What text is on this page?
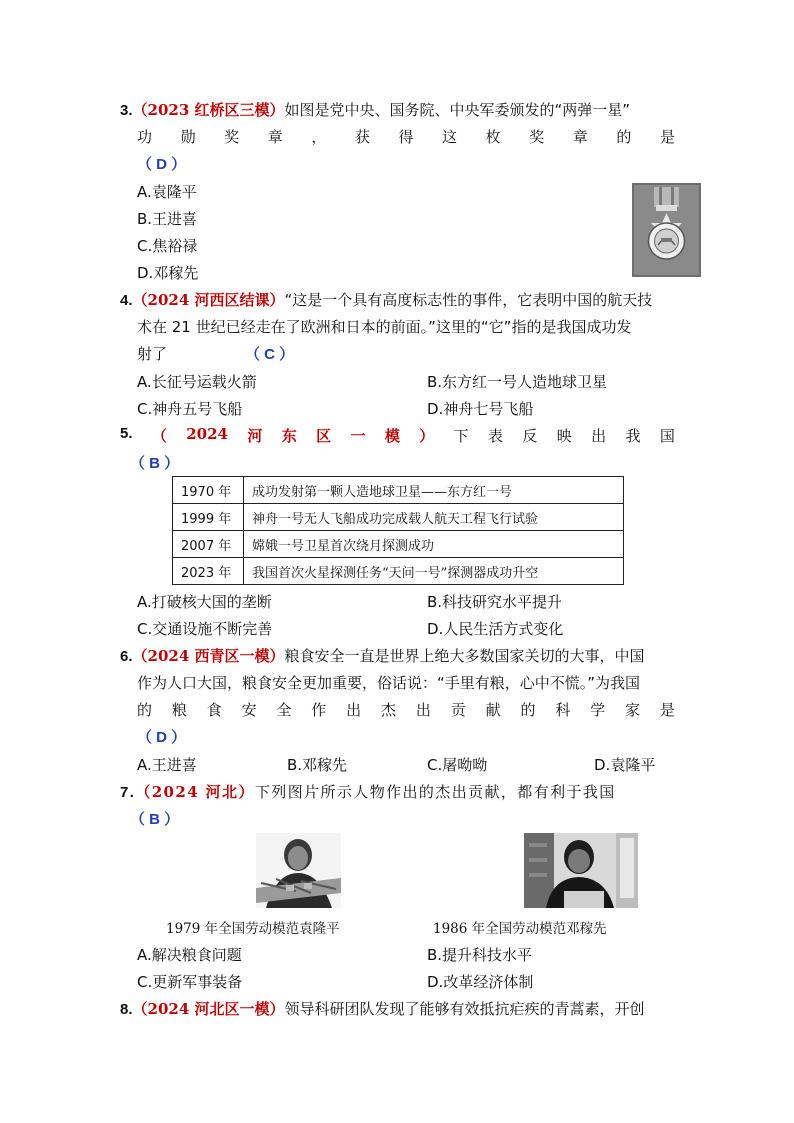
3.（2023 红桥区三模）如图是党中央、国务院、中央军委颁发的“两弹一星”
功 勋 奖 章 ， 获 得 这 枚 奖 章 的 是
（ D ）
A.袁隆平
B.王进喜
C.焦裕禄
D.邓稼先
4.（2024 河西区结课）“这是一个具有高度标志性的事件，它表明中国的航天技
术在 21 世纪已经走在了欧洲和日本的前面。”这里的“它”指的是我国成功发
射了	（ C ）
A.长征号运载火箭	B.东方红一号人造地球卫星
C.神舟五号飞船	D.神舟七号飞船
5. （ 2024 河 东 区 一 模 ） 下 表 反 映 出 我 国
（ B ）
1970 年	成功发射第一颗人造地球卫星——东方红一号
1999 年	神舟一号无人飞船成功完成载人航天工程飞行试验
2007 年	嫦娥一号卫星首次绕月探测成功
2023 年	我国首次火星探测任务“天问一号”探测器成功升空
A.打破核大国的垄断	B.科技研究水平提升
C.交通设施不断完善	D.人民生活方式变化
6.（2024 西青区一模）粮食安全一直是世界上绝大多数国家关切的大事，中国
作为人口大国，粮食安全更加重要，俗话说：“手里有粮，心中不慌。”为我国
的 粮 食 安 全 作 出 杰 出 贡 献 的 科 学 家 是
（ D ）
A.王进喜	B.邓稼先	C.屠呦呦	D.袁隆平
7.（2024 河北）下列图片所示人物作出的杰出贡献，都有利于我国
（ B ）
1979 年全国劳动模范袁隆平	1986 年全国劳动模范邓稼先
A.解决粮食问题	B.提升科技水平
C.更新军事装备	D.改革经济体制
8.（2024 河北区一模）领导科研团队发现了能够有效抵抗疟疾的青蒿素，开创
